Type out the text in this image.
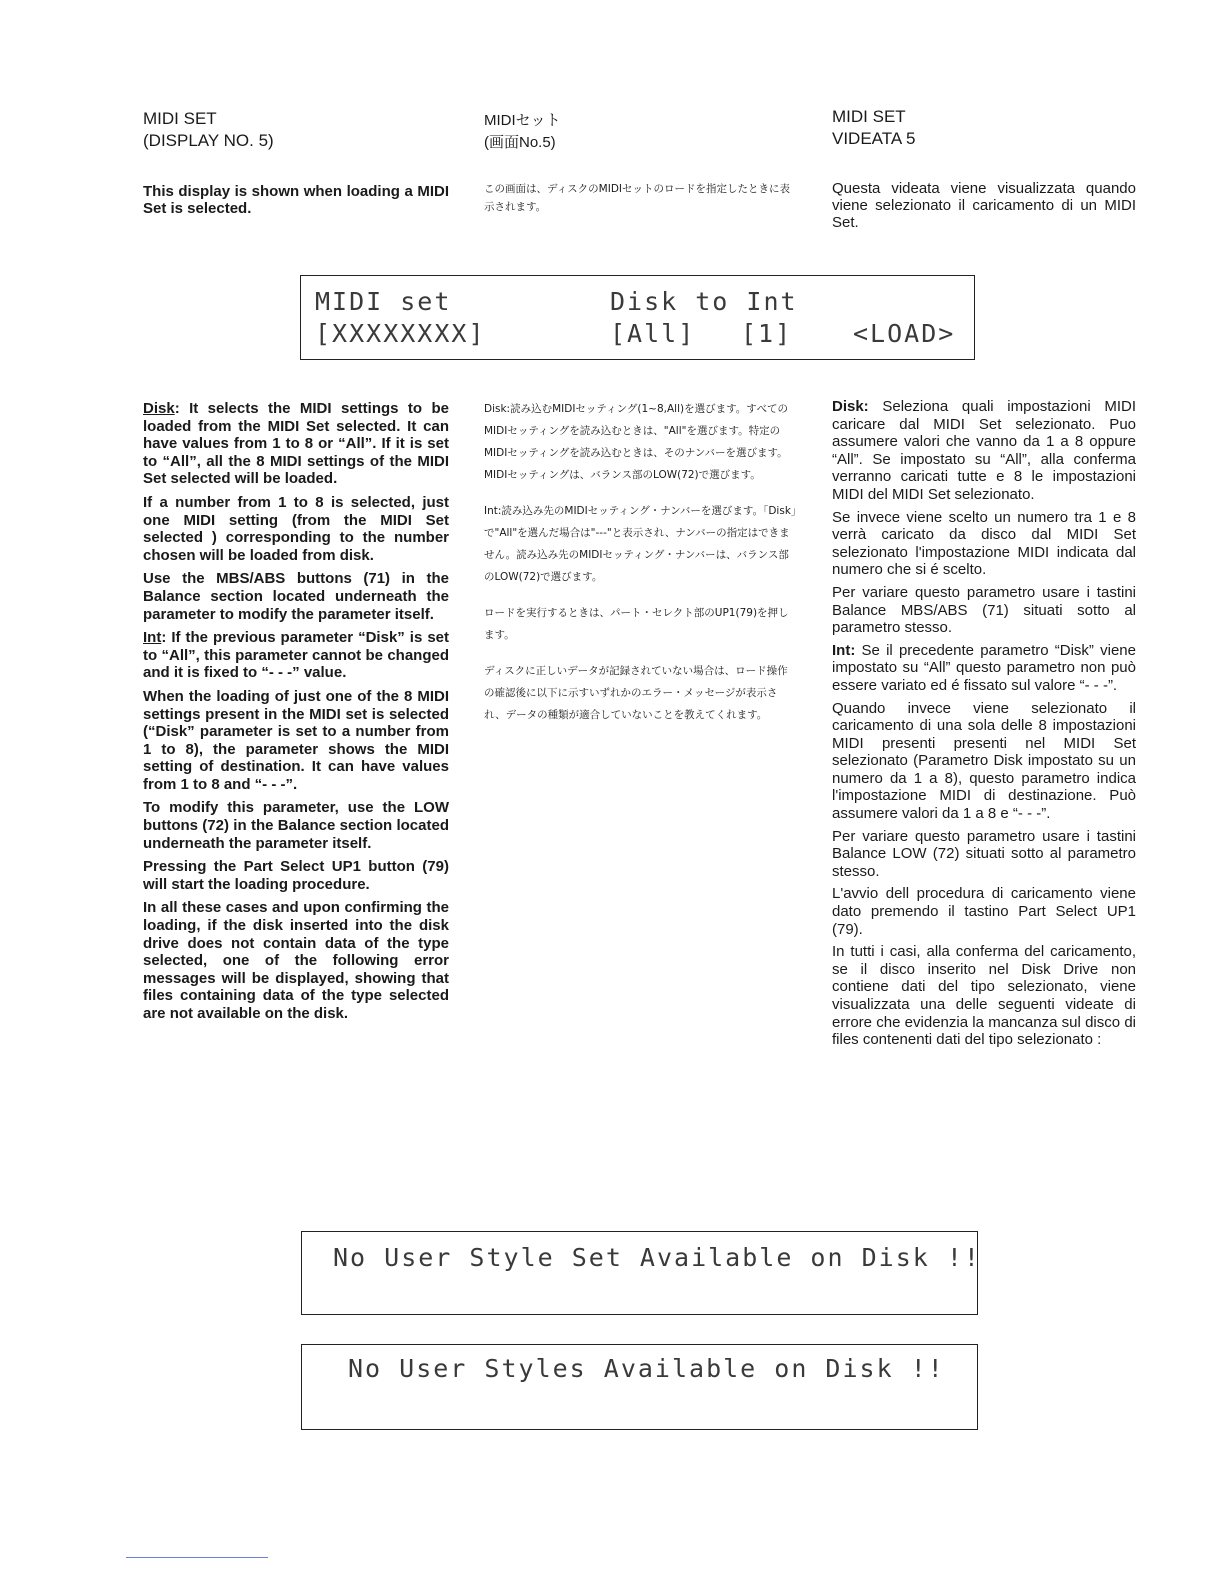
MIDI SET
(DISPLAY NO. 5)
MIDIセット
(画面No.5)
MIDI SET
VIDEATA 5
This display is shown when loading a MIDI Set is selected.
この画面は、ディスクのMIDIセットのロードを指定したときに表示されます。
Questa videata viene visualizzata quando viene selezionato il caricamento di un MIDI Set.
MIDI set	Disk to Int
[XXXXXXXX]	[All] [1] <LOAD>

Disk: It selects the MIDI settings to be loaded from the MIDI Set selected. It can have values from 1 to 8 or “All”. If it is set to “All”, all the 8 MIDI settings of the MIDI Set selected will be loaded.

If a number from 1 to 8 is selected, just one MIDI setting (from the MIDI Set selected ) corresponding to the number chosen will be loaded from disk.

Use the MBS/ABS buttons (71) in the Balance section located underneath the parameter to modify the parameter itself.

Int: If the previous parameter “Disk” is set to “All”, this parameter cannot be changed and it is fixed to “- - -” value.

When the loading of just one of the 8 MIDI settings present in the MIDI set is selected (“Disk” parameter is set to a number from 1 to 8), the parameter shows the MIDI setting of destination. It can have values from 1 to 8 and “- - -”.

To modify this parameter, use the LOW buttons (72) in the Balance section located underneath the parameter itself.

Pressing the Part Select UP1 button (79) will start the loading procedure.

In all these cases and upon confirming the loading, if the disk inserted into the disk drive does not contain data of the type selected, one of the following error messages will be displayed, showing that files containing data of the type selected are not available on the disk.

Disk:読み込むMIDIセッティング(1~8,All)を選びます。すべてのMIDIセッティングを読み込むときは、"All"を選びます。特定のMIDIセッティングを読み込むときは、そのナンバーを選びます。MIDIセッティングは、バランス部のLOW(72)で選びます。

Int:読み込み先のMIDIセッティング・ナンバーを選びます。「Disk」で"All"を選んだ場合は"---"と表示され、ナンバーの指定はできません。読み込み先のMIDIセッティング・ナンバーは、バランス部のLOW(72)で選びます。

ロードを実行するときは、パート・セレクト部のUP1(79)を押します。

ディスクに正しいデータが記録されていない場合は、ロード操作の確認後に以下に示すいずれかのエラー・メッセージが表示され、データの種類が適合していないことを教えてくれます。

Disk: Seleziona quali impostazioni MIDI caricare dal MIDI Set selezionato. Puo assumere valori che vanno da 1 a 8 oppure “All”. Se impostato su “All”, alla conferma verranno caricati tutte e 8 le impostazioni MIDI del MIDI Set selezionato.

Se invece viene scelto un numero tra 1 e 8 verrà caricato da disco dal MIDI Set selezionato l'impostazione MIDI indicata dal numero che si é scelto.

Per variare questo parametro usare i tastini Balance MBS/ABS (71) situati sotto al parametro stesso.

Int: Se il precedente parametro “Disk” viene impostato su “All” questo parametro non può essere variato ed é fissato sul valore “- - -”.

Quando invece viene selezionato il caricamento di una sola delle 8 impostazioni MIDI presenti presenti nel MIDI Set selezionato (Parametro Disk impostato su un numero da 1 a 8), questo parametro indica l'impostazione MIDI di destinazione. Può assumere valori da 1 a 8 e “- - -”.

Per variare questo parametro usare i tastini Balance LOW (72) situati sotto al parametro stesso.

L'avvio dell procedura di caricamento viene dato premendo il tastino Part Select UP1 (79).

In tutti i casi, alla conferma del caricamento, se il disco inserito nel Disk Drive non contiene dati del tipo selezionato, viene visualizzata una delle seguenti videate di errore che evidenzia la mancanza sul disco di files contenenti dati del tipo selezionato :

No User Style Set Available on Disk !!
No User Styles Available on Disk !!
